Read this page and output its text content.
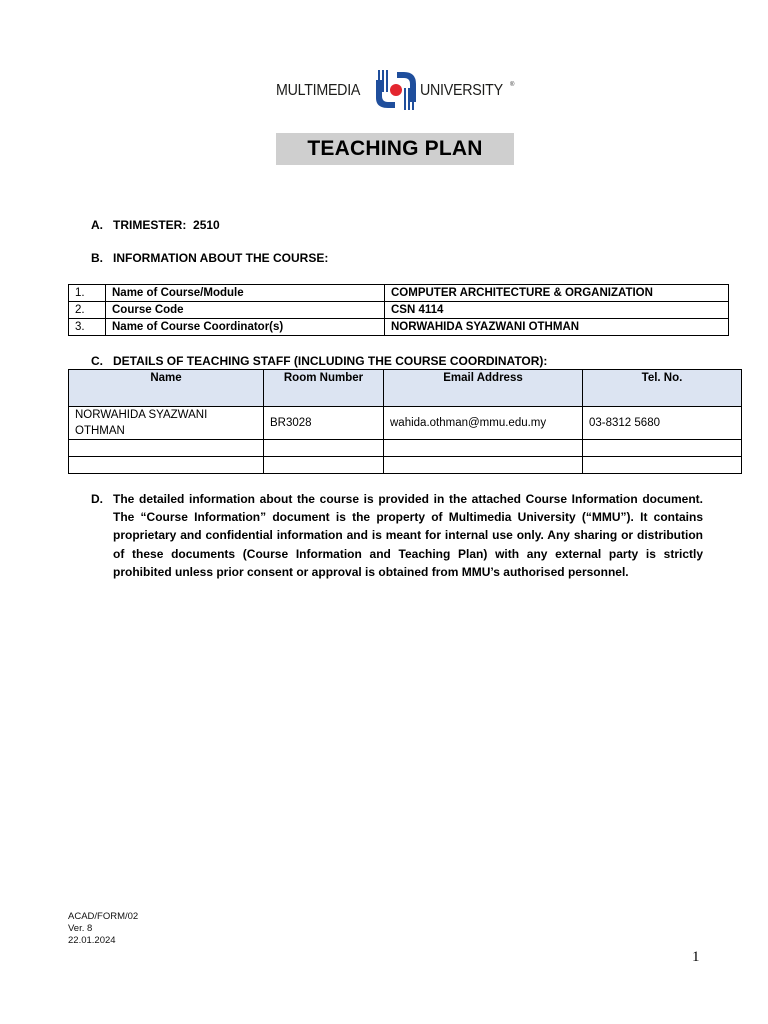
MULTIMEDIA	UNIVERSITY ®
TEACHING PLAN
A. TRIMESTER: 2510
B. INFORMATION ABOUT THE COURSE:
1.	Name of Course/Module	COMPUTER ARCHITECTURE & ORGANIZATION
2.	Course Code	CSN 4114
3.	Name of Course Coordinator(s)	NORWAHIDA SYAZWANI OTHMAN
C. DETAILS OF TEACHING STAFF (INCLUDING THE COURSE COORDINATOR):
Name	Room Number	Email Address	Tel. No.
NORWAHIDA SYAZWANI OTHMAN	BR3028	wahida.othman@mmu.edu.my	03-8312 5680

D. The detailed information about the course is provided in the attached Course Information document. The “Course Information” document is the property of Multimedia University (“MMU”). It contains proprietary and confidential information and is meant for internal use only. Any sharing or distribution of these documents (Course Information and Teaching Plan) with any external party is strictly prohibited unless prior consent or approval is obtained from MMU’s authorised personnel.
ACAD/FORM/02
Ver. 8
22.01.2024
1
